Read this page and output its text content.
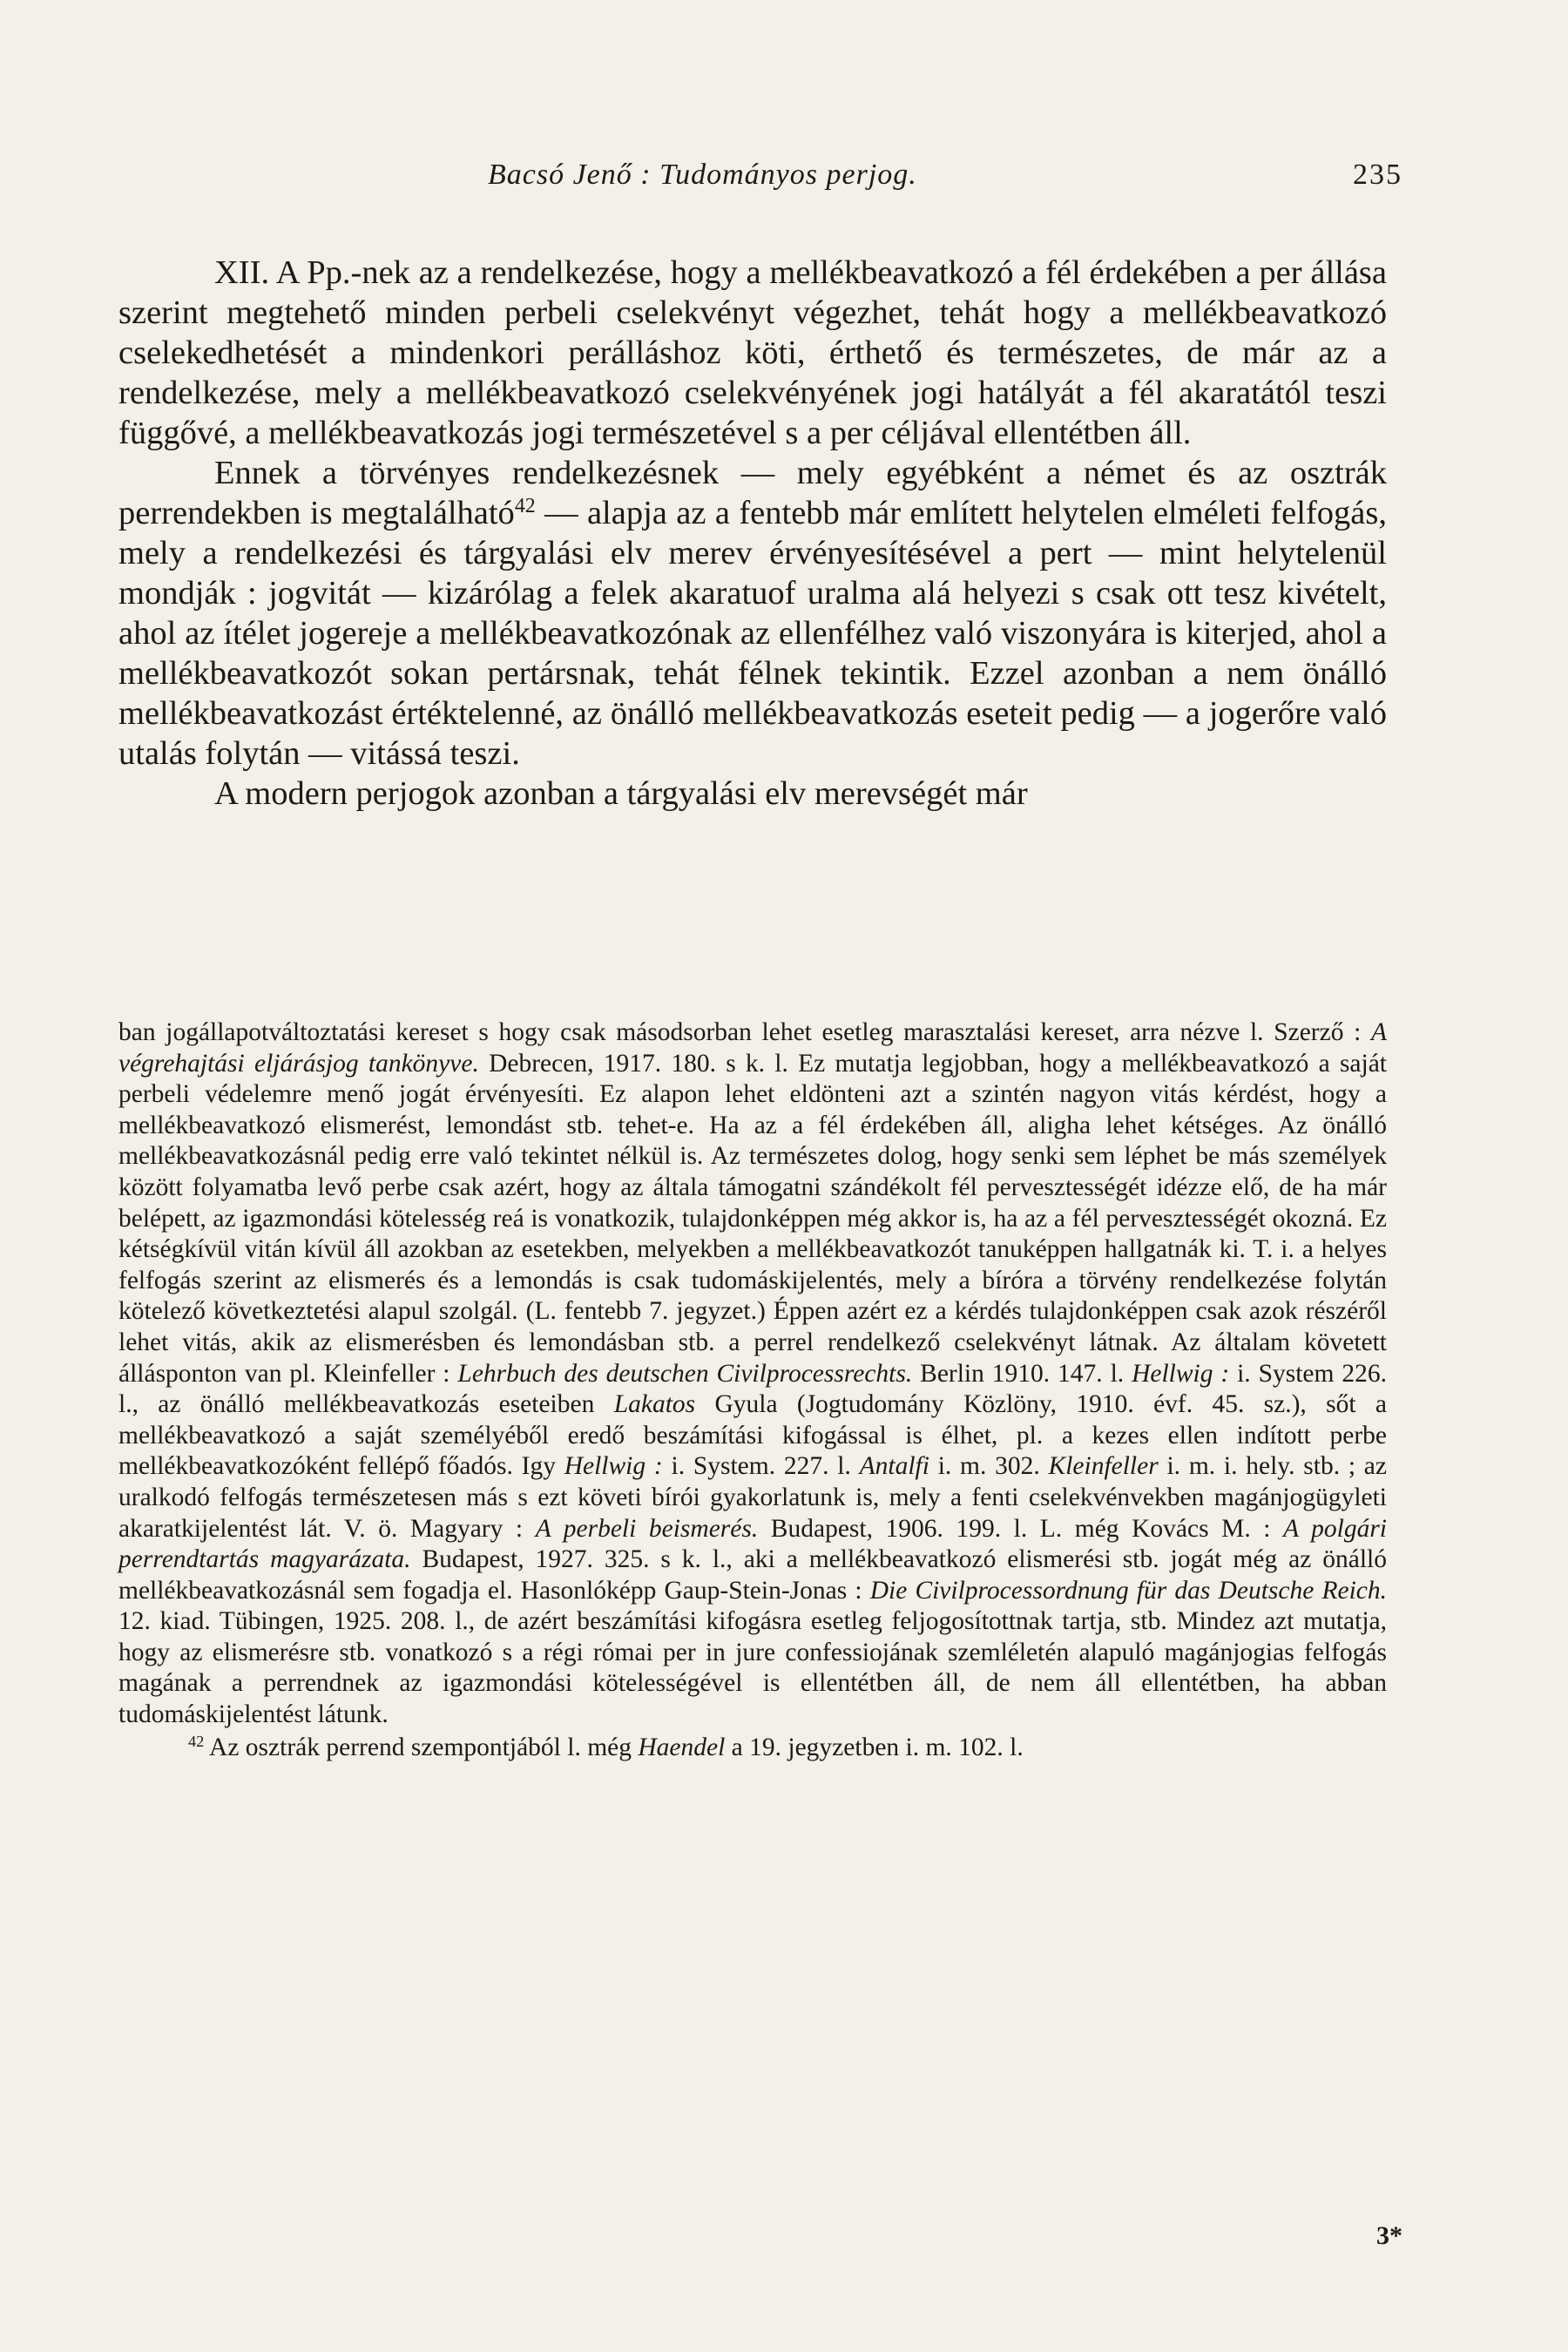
Bacsó Jenő : Tudományos perjog.	235

XII. A Pp.-nek az a rendelkezése, hogy a mellékbeavatkozó a fél érdekében a per állása szerint megtehető minden perbeli cselekvényt végezhet, tehát hogy a mellékbeavatkozó cselekedhetését a mindenkori perálláshoz köti, érthető és természetes, de már az a rendelkezése, mely a mellékbeavatkozó cselekvényének jogi hatályát a fél akaratától teszi függővé, a mellékbeavatkozás jogi természetével s a per céljával ellentétben áll.

Ennek a törvényes rendelkezésnek — mely egyébként a német és az osztrák perrendekben is megtalálható$^{42}$ — alapja az a fentebb már említett helytelen elméleti felfogás, mely a rendelkezési és tárgyalási elv merev érvényesítésével a pert — mint helytelenül mondják : jogvitát — kizárólag a felek akaratuof uralma alá helyezi s csak ott tesz kivételt, ahol az ítélet jogereje a mellékbeavatkozónak az ellenfélhez való viszonyára is kiterjed, ahol a mellékbeavatkozót sokan pertársnak, tehát félnek tekintik. Ezzel azonban a nem önálló mellékbeavatkozást értéktelenné, az önálló mellékbeavatkozás eseteit pedig — a jogerőre való utalás folytán — vitássá teszi.

A modern perjogok azonban a tárgyalási elv merevségét már

ban jogállapotváltoztatási kereset s hogy csak másodsorban lehet esetleg marasztalási kereset, arra nézve l. Szerző : A végrehajtási eljárásjog tankönyve. Debrecen, 1917. 180. s k. l. Ez mutatja legjobban, hogy a mellékbeavatkozó a saját perbeli védelemre menő jogát érvényesíti. Ez alapon lehet eldönteni azt a szintén nagyon vitás kérdést, hogy a mellékbeavatkozó elismerést, lemondást stb. tehet-e. Ha az a fél érdekében áll, aligha lehet kétséges. Az önálló mellékbeavatkozásnál pedig erre való tekintet nélkül is. Az természetes dolog, hogy senki sem léphet be más személyek között folyamatba levő perbe csak azért, hogy az általa támogatni szándékolt fél pervesztességét idézze elő, de ha már belépett, az igazmondási kötelesség reá is vonatkozik, tulajdonképpen még akkor is, ha az a fél pervesztességét okozná. Ez kétségkívül vitán kívül áll azokban az esetekben, melyekben a mellékbeavatkozót tanuképpen hallgatnák ki. T. i. a helyes felfogás szerint az elismerés és a lemondás is csak tudomáskijelentés, mely a bíróra a törvény rendelkezése folytán kötelező következtetési alapul szolgál. (L. fentebb 7. jegyzet.) Éppen azért ez a kérdés tulajdonképpen csak azok részéről lehet vitás, akik az elismerésben és lemondásban stb. a perrel rendelkező cselekvényt látnak. Az általam követett állásponton van pl. Kleinfeller : Lehrbuch des deutschen Civilprocessrechts. Berlin 1910. 147. l. Hellwig : i. System 226. l., az önálló mellékbeavatkozás eseteiben Lakatos Gyula (Jogtudomány Közlöny, 1910. évf. 45. sz.), sőt a mellékbeavatkozó a saját személyéből eredő beszámítási kifogással is élhet, pl. a kezes ellen indított perbe mellékbeavatkozóként fellépő főadós. Igy Hellwig : i. System. 227. l. Antalfi i. m. 302. Kleinfeller i. m. i. hely. stb. ; az uralkodó felfogás természetesen más s ezt követi bírói gyakorlatunk is, mely a fenti cselekvénvekben magánjogügyleti akaratkijelentést lát. V. ö. Magyary : A perbeli beismerés. Budapest, 1906. 199. l. L. még Kovács M. : A polgári perrendtartás magyarázata. Budapest, 1927. 325. s k. l., aki a mellékbeavatkozó elismerési stb. jogát még az önálló mellékbeavatkozásnál sem fogadja el. Hasonlóképp Gaup-Stein-Jonas : Die Civilprocessordnung für das Deutsche Reich. 12. kiad. Tübingen, 1925. 208. l., de azért beszámítási kifogásra esetleg feljogosítottnak tartja, stb. Mindez azt mutatja, hogy az elismerésre stb. vonatkozó s a régi római per in jure confessiojának szemléletén alapuló magánjogias felfogás magának a perrendnek az igazmondási kötelességével is ellentétben áll, de nem áll ellentétben, ha abban tudomáskijelentést látunk.

$^{42}$ Az osztrák perrend szempontjából l. még Haendel a 19. jegyzetben i. m. 102. l.

3*
